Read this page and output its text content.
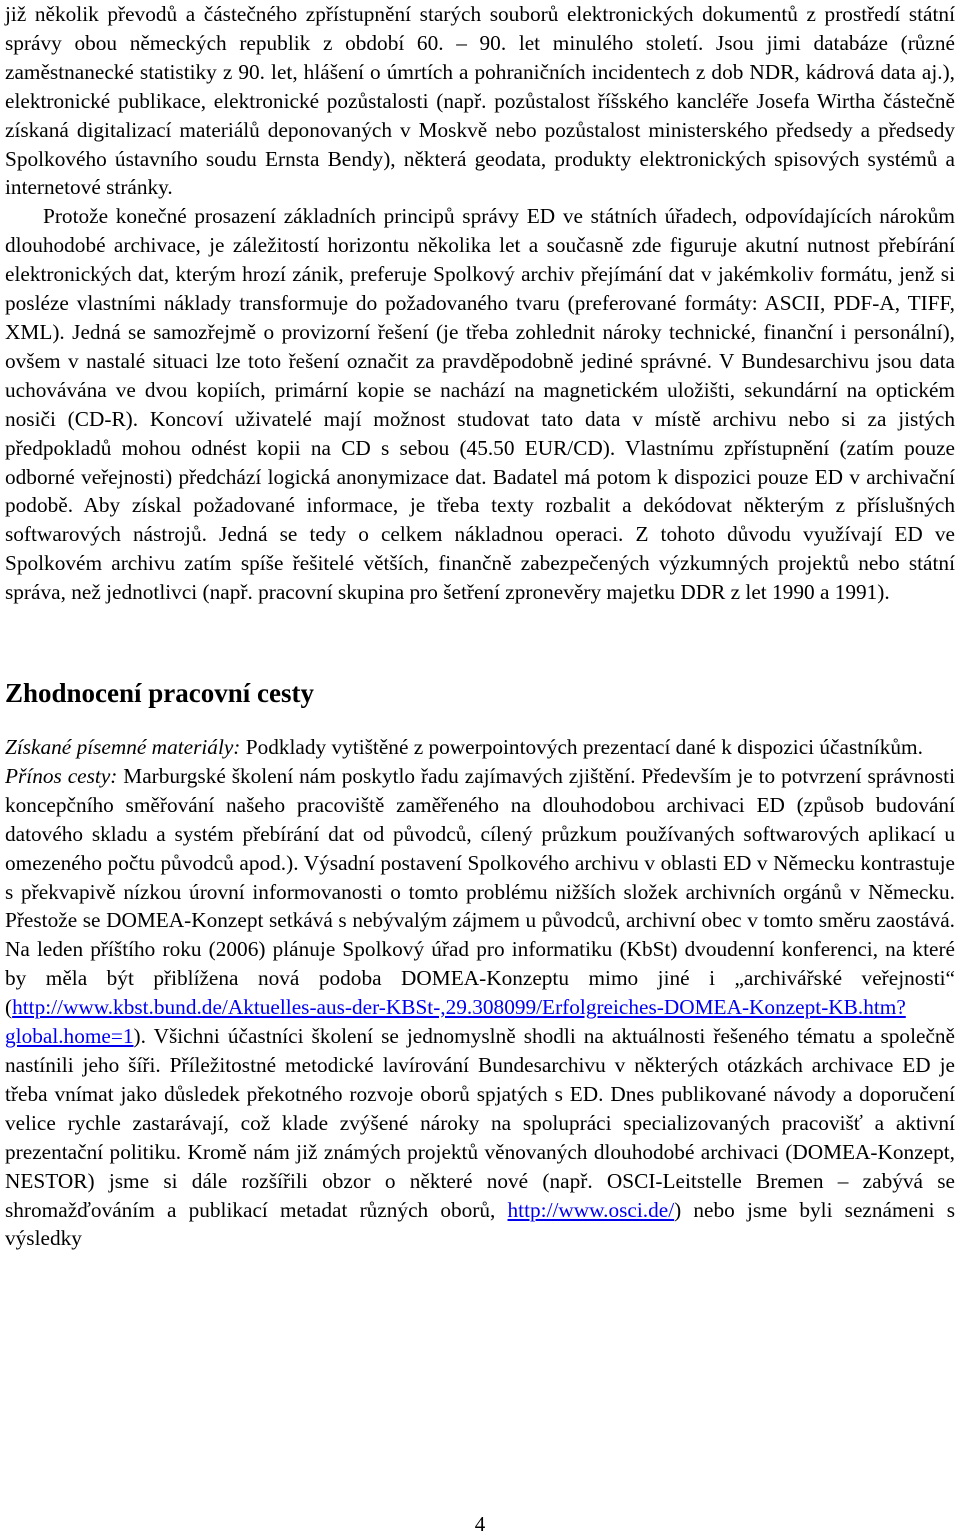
již několik převodů a částečného zpřístupnění starých souborů elektronických dokumentů z prostředí státní správy obou německých republik z období 60. – 90. let minulého století. Jsou jimi databáze (různé zaměstnanecké statistiky z 90. let, hlášení o úmrtích a pohraničních incidentech z dob NDR, kádrová data aj.), elektronické publikace, elektronické pozůstalosti (např. pozůstalost říšského kancléře Josefa Wirtha částečně získaná digitalizací materiálů deponovaných v Moskvě nebo pozůstalost ministerského předsedy a předsedy Spolkového ústavního soudu Ernsta Bendy), některá geodata, produkty elektronických spisových systémů a internetové stránky.

Protože konečné prosazení základních principů správy ED ve státních úřadech, odpovídajících nárokům dlouhodobé archivace, je záležitostí horizontu několika let a současně zde figuruje akutní nutnost přebírání elektronických dat, kterým hrozí zánik, preferuje Spolkový archiv přejímání dat v jakémkoliv formátu, jenž si posléze vlastními náklady transformuje do požadovaného tvaru (preferované formáty: ASCII, PDF-A, TIFF, XML). Jedná se samozřejmě o provizorní řešení (je třeba zohlednit nároky technické, finanční i personální), ovšem v nastalé situaci lze toto řešení označit za pravděpodobně jediné správné. V Bundesarchivu jsou data uchovávána ve dvou kopiích, primární kopie se nachází na magnetickém uložišti, sekundární na optickém nosiči (CD-R). Koncoví uživatelé mají možnost studovat tato data v místě archivu nebo si za jistých předpokladů mohou odnést kopii na CD s sebou (45.50 EUR/CD). Vlastnímu zpřístupnění (zatím pouze odborné veřejnosti) předchází logická anonymizace dat. Badatel má potom k dispozici pouze ED v archivační podobě. Aby získal požadované informace, je třeba texty rozbalit a dekódovat některým z příslušných softwarových nástrojů. Jedná se tedy o celkem nákladnou operaci. Z tohoto důvodu využívají ED ve Spolkovém archivu zatím spíše řešitelé větších, finančně zabezpečených výzkumných projektů nebo státní správa, než jednotlivci (např. pracovní skupina pro šetření zpronevěry majetku DDR z let 1990 a 1991).

Zhodnocení pracovní cesty

Získané písemné materiály: Podklady vytištěné z powerpointových prezentací dané k dispozici účastníkům.

Přínos cesty: Marburgské školení nám poskytlo řadu zajímavých zjištění. Především je to potvrzení správnosti koncepčního směřování našeho pracoviště zaměřeného na dlouhodobou archivaci ED (způsob budování datového skladu a systém přebírání dat od původců, cílený průzkum používaných softwarových aplikací u omezeného počtu původců apod.). Výsadní postavení Spolkového archivu v oblasti ED v Německu kontrastuje s překvapivě nízkou úrovní informovanosti o tomto problému nižších složek archivních orgánů v Německu. Přestože se DOMEA-Konzept setkává s nebývalým zájmem u původců, archivní obec v tomto směru zaostává. Na leden příštího roku (2006) plánuje Spolkový úřad pro informatiku (KbSt) dvoudenní konferenci, na které by měla být přiblížena nová podoba DOMEA-Konzeptu mimo jiné i „archivářské veřejnosti“ (http://www.kbst.bund.de/Aktuelles-aus-der-KBSt-,29.308099/Erfolgreiches-DOMEA-Konzept-KB.htm?global.home=1). Všichni účastníci školení se jednomyslně shodli na aktuálnosti řešeného tématu a společně nastínili jeho šíři. Příležitostné metodické lavírování Bundesarchivu v některých otázkách archivace ED je třeba vnímat jako důsledek překotného rozvoje oborů spjatých s ED. Dnes publikované návody a doporučení velice rychle zastarávají, což klade zvýšené nároky na spolupráci specializovaných pracovišť a aktivní prezentační politiku. Kromě nám již známých projektů věnovaných dlouhodobé archivaci (DOMEA-Konzept, NESTOR) jsme si dále rozšířili obzor o některé nové (např. OSCI-Leitstelle Bremen – zabývá se shromažďováním a publikací metadat různých oborů, http://www.osci.de/) nebo jsme byli seznámeni s výsledky

4
